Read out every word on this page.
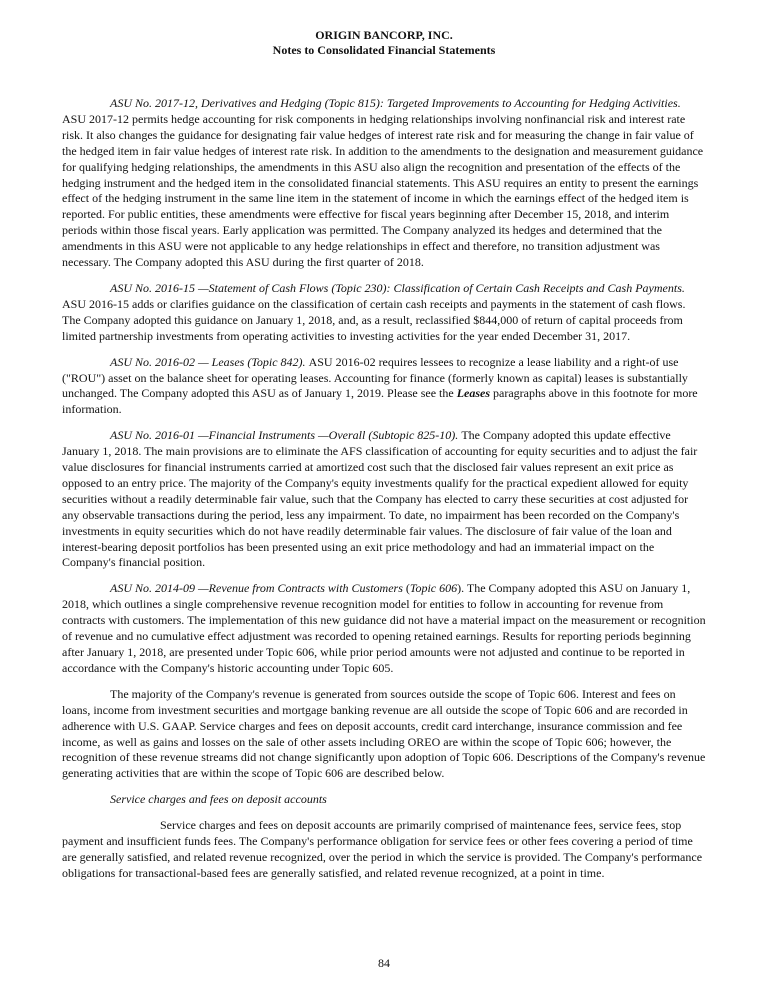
ORIGIN BANCORP, INC.
Notes to Consolidated Financial Statements

ASU No. 2017-12, Derivatives and Hedging (Topic 815): Targeted Improvements to Accounting for Hedging Activities. ASU 2017-12 permits hedge accounting for risk components in hedging relationships involving nonfinancial risk and interest rate risk. It also changes the guidance for designating fair value hedges of interest rate risk and for measuring the change in fair value of the hedged item in fair value hedges of interest rate risk. In addition to the amendments to the designation and measurement guidance for qualifying hedging relationships, the amendments in this ASU also align the recognition and presentation of the effects of the hedging instrument and the hedged item in the consolidated financial statements. This ASU requires an entity to present the earnings effect of the hedging instrument in the same line item in the statement of income in which the earnings effect of the hedged item is reported. For public entities, these amendments were effective for fiscal years beginning after December 15, 2018, and interim periods within those fiscal years. Early application was permitted. The Company analyzed its hedges and determined that the amendments in this ASU were not applicable to any hedge relationships in effect and therefore, no transition adjustment was necessary. The Company adopted this ASU during the first quarter of 2018.

ASU No. 2016-15 —Statement of Cash Flows (Topic 230): Classification of Certain Cash Receipts and Cash Payments. ASU 2016-15 adds or clarifies guidance on the classification of certain cash receipts and payments in the statement of cash flows. The Company adopted this guidance on January 1, 2018, and, as a result, reclassified $844,000 of return of capital proceeds from limited partnership investments from operating activities to investing activities for the year ended December 31, 2017.

ASU No. 2016-02 — Leases (Topic 842). ASU 2016-02 requires lessees to recognize a lease liability and a right-of use ("ROU") asset on the balance sheet for operating leases. Accounting for finance (formerly known as capital) leases is substantially unchanged. The Company adopted this ASU as of January 1, 2019. Please see the Leases paragraphs above in this footnote for more information.

ASU No. 2016-01 —Financial Instruments —Overall (Subtopic 825-10). The Company adopted this update effective January 1, 2018. The main provisions are to eliminate the AFS classification of accounting for equity securities and to adjust the fair value disclosures for financial instruments carried at amortized cost such that the disclosed fair values represent an exit price as opposed to an entry price. The majority of the Company's equity investments qualify for the practical expedient allowed for equity securities without a readily determinable fair value, such that the Company has elected to carry these securities at cost adjusted for any observable transactions during the period, less any impairment. To date, no impairment has been recorded on the Company's investments in equity securities which do not have readily determinable fair values. The disclosure of fair value of the loan and interest-bearing deposit portfolios has been presented using an exit price methodology and had an immaterial impact on the Company's financial position.

ASU No. 2014-09 —Revenue from Contracts with Customers (Topic 606). The Company adopted this ASU on January 1, 2018, which outlines a single comprehensive revenue recognition model for entities to follow in accounting for revenue from contracts with customers. The implementation of this new guidance did not have a material impact on the measurement or recognition of revenue and no cumulative effect adjustment was recorded to opening retained earnings. Results for reporting periods beginning after January 1, 2018, are presented under Topic 606, while prior period amounts were not adjusted and continue to be reported in accordance with the Company's historic accounting under Topic 605.

The majority of the Company's revenue is generated from sources outside the scope of Topic 606. Interest and fees on loans, income from investment securities and mortgage banking revenue are all outside the scope of Topic 606 and are recorded in adherence with U.S. GAAP. Service charges and fees on deposit accounts, credit card interchange, insurance commission and fee income, as well as gains and losses on the sale of other assets including OREO are within the scope of Topic 606; however, the recognition of these revenue streams did not change significantly upon adoption of Topic 606. Descriptions of the Company's revenue generating activities that are within the scope of Topic 606 are described below.

Service charges and fees on deposit accounts

Service charges and fees on deposit accounts are primarily comprised of maintenance fees, service fees, stop payment and insufficient funds fees. The Company's performance obligation for service fees or other fees covering a period of time are generally satisfied, and related revenue recognized, over the period in which the service is provided. The Company's performance obligations for transactional-based fees are generally satisfied, and related revenue recognized, at a point in time.

84
